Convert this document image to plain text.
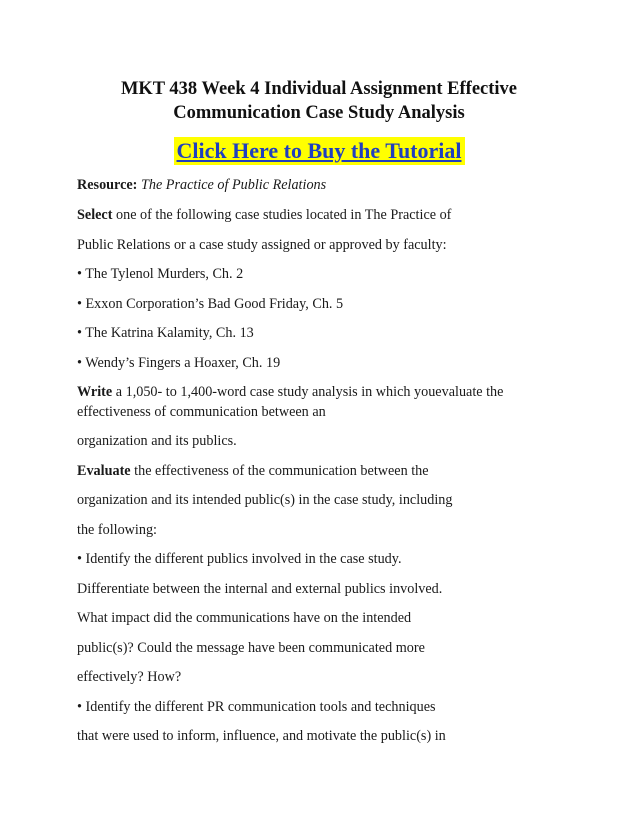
MKT 438 Week 4 Individual Assignment Effective
Communication Case Study Analysis
Click Here to Buy the Tutorial
Resource: The Practice of Public Relations
Select one of the following case studies located in The Practice of
Public Relations or a case study assigned or approved by faculty:
• The Tylenol Murders, Ch. 2
• Exxon Corporation’s Bad Good Friday, Ch. 5
• The Katrina Kalamity, Ch. 13
• Wendy’s Fingers a Hoaxer, Ch. 19
Write a 1,050- to 1,400-word case study analysis in which youevaluate the
effectiveness of communication between an
organization and its publics.
Evaluate the effectiveness of the communication between the
organization and its intended public(s) in the case study, including
the following:
• Identify the different publics involved in the case study.
Differentiate between the internal and external publics involved.
What impact did the communications have on the intended
public(s)? Could the message have been communicated more
effectively? How?
• Identify the different PR communication tools and techniques
that were used to inform, influence, and motivate the public(s) in
